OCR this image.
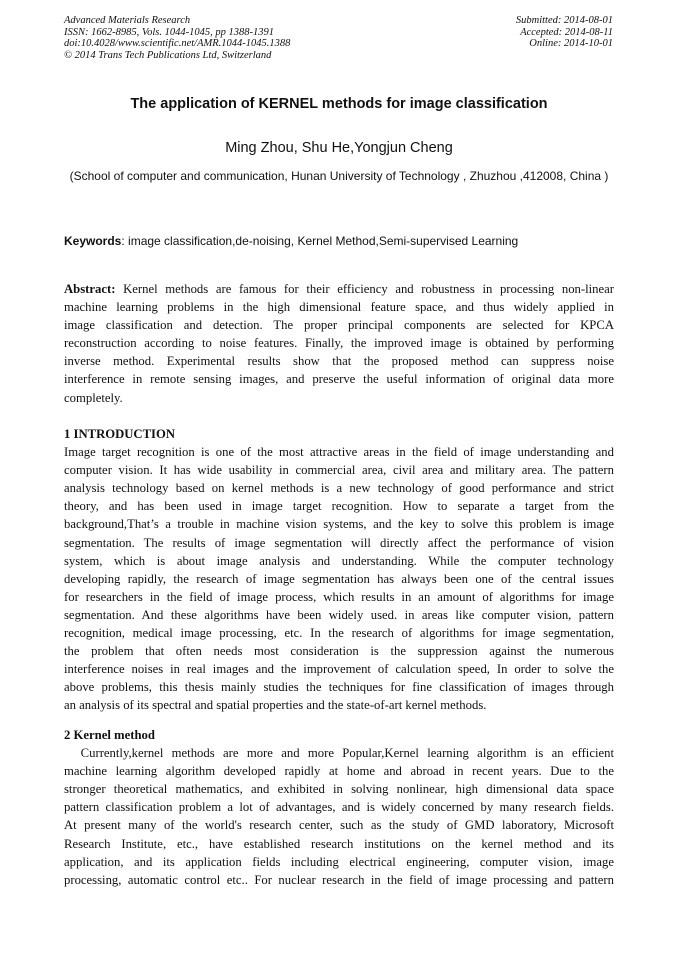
Advanced Materials Research
ISSN: 1662-8985, Vols. 1044-1045, pp 1388-1391
doi:10.4028/www.scientific.net/AMR.1044-1045.1388
© 2014 Trans Tech Publications Ltd, Switzerland
Submitted: 2014-08-01
Accepted: 2014-08-11
Online: 2014-10-01
The application of KERNEL methods for image classification
Ming Zhou, Shu He,Yongjun Cheng
(School of computer and communication, Hunan University of Technology , Zhuzhou ,412008, China )
Keywords: image classification,de-noising, Kernel Method,Semi-supervised Learning
Abstract: Kernel methods are famous for their efficiency and robustness in processing non-linear
machine learning problems in the high dimensional feature space, and thus widely applied in
image classification and detection. The proper principal components are selected for KPCA
reconstruction according to noise features. Finally, the improved image is obtained by performing
inverse method. Experimental results show that the proposed method can suppress noise
interference in remote sensing images, and preserve the useful information of original data more
completely.
1 INTRODUCTION
Image target recognition is one of the most attractive areas in the field of image understanding and
computer vision. It has wide usability in commercial area, civil area and military area. The pattern
analysis technology based on kernel methods is a new technology of good performance and strict
theory, and has been used in image target recognition. How to separate a target from the
background,That’s a trouble in machine vision systems, and the key to solve this problem is image
segmentation. The results of image segmentation will directly affect the performance of vision
system, which is about image analysis and understanding. While the computer technology
developing rapidly, the research of image segmentation has always been one of the central issues
for researchers in the field of image process, which results in an amount of algorithms for image
segmentation. And these algorithms have been widely used. in areas like computer vision, pattern
recognition, medical image processing, etc. In the research of algorithms for image segmentation,
the problem that often needs most consideration is the suppression against the numerous
interference noises in real images and the improvement of calculation speed, In order to solve the
above problems, this thesis mainly studies the techniques for fine classification of images through
an analysis of its spectral and spatial properties and the state-of-art kernel methods.
2 Kernel method
Currently,kernel methods are more and more Popular,Kernel learning algorithm is an efficient
machine learning algorithm developed rapidly at home and abroad in recent years. Due to the
stronger theoretical mathematics, and exhibited in solving nonlinear, high dimensional data space
pattern classification problem a lot of advantages, and is widely concerned by many research fields.
At present many of the world's research center, such as the study of GMD laboratory, Microsoft
Research Institute, etc., have established research institutions on the kernel method and its
application, and its application fields including electrical engineering, computer vision, image
processing, automatic control etc.. For nuclear research in the field of image processing and pattern
